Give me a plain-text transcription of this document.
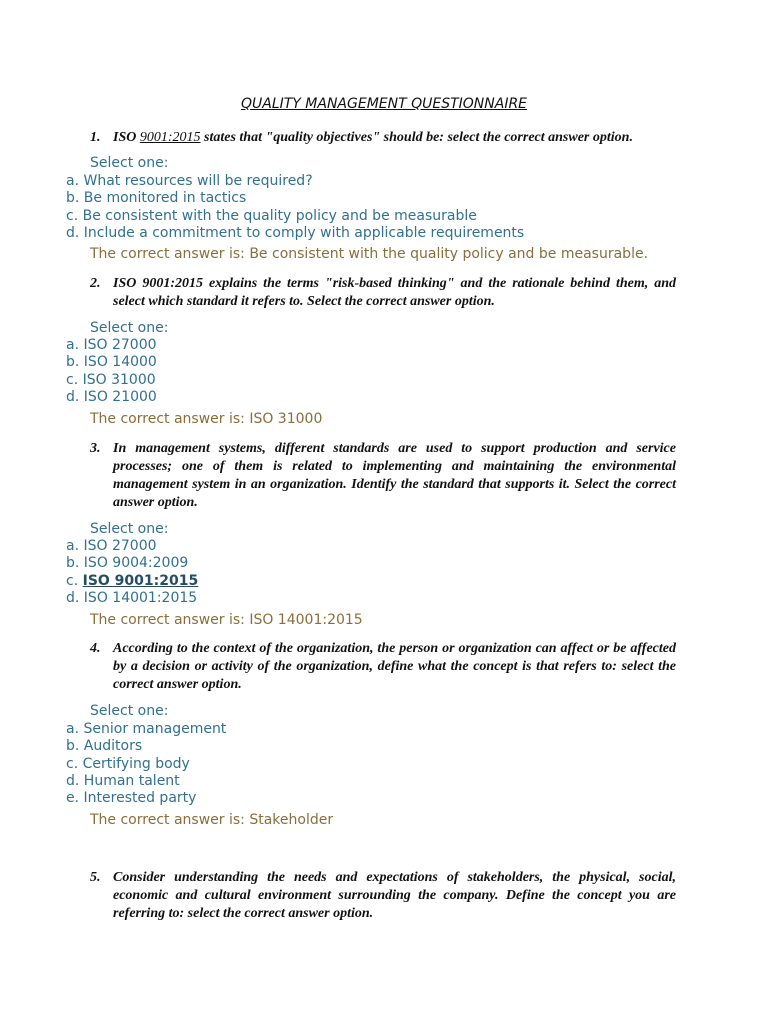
QUALITY MANAGEMENT QUESTIONNAIRE
1. ISO 9001:2015 states that "quality objectives" should be: select the correct answer option.
Select one:
a. What resources will be required?
b. Be monitored in tactics
c. Be consistent with the quality policy and be measurable
d. Include a commitment to comply with applicable requirements
The correct answer is: Be consistent with the quality policy and be measurable.
2. ISO 9001:2015 explains the terms "risk-based thinking" and the rationale behind them, and select which standard it refers to. Select the correct answer option.
Select one:
a. ISO 27000
b. ISO 14000
c. ISO 31000
d. ISO 21000
The correct answer is: ISO 31000
3. In management systems, different standards are used to support production and service processes; one of them is related to implementing and maintaining the environmental management system in an organization. Identify the standard that supports it. Select the correct answer option.
Select one:
a. ISO 27000
b. ISO 9004:2009
c. ISO 9001:2015
d. ISO 14001:2015
The correct answer is: ISO 14001:2015
4. According to the context of the organization, the person or organization can affect or be affected by a decision or activity of the organization, define what the concept is that refers to: select the correct answer option.
Select one:
a. Senior management
b. Auditors
c. Certifying body
d. Human talent
e. Interested party
The correct answer is: Stakeholder
5. Consider understanding the needs and expectations of stakeholders, the physical, social, economic and cultural environment surrounding the company. Define the concept you are referring to: select the correct answer option.
